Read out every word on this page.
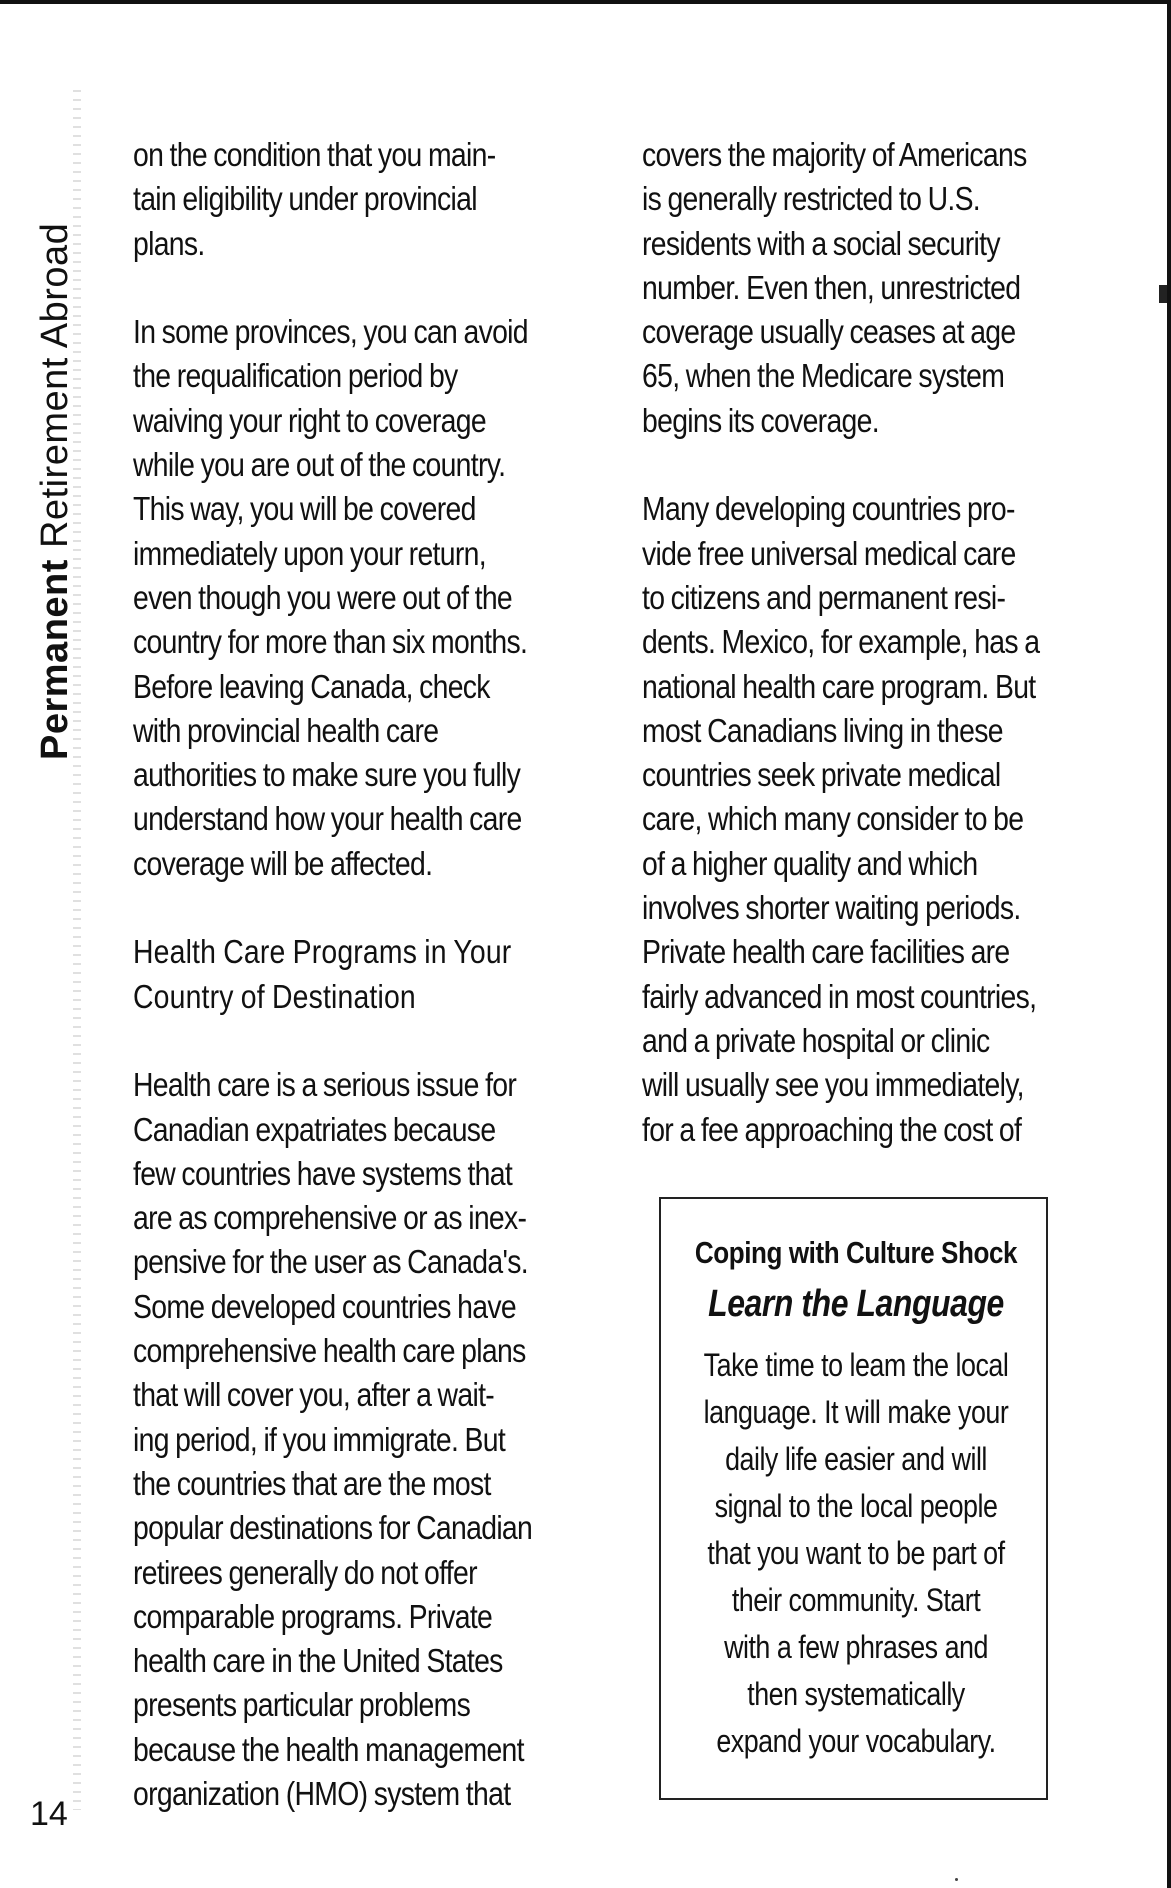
Permanent Retirement Abroad
14

on the condition that you main-
tain eligibility under provincial
plans.

In some provinces, you can avoid
the requalification period by
waiving your right to coverage
while you are out of the country.
This way, you will be covered
immediately upon your return,
even though you were out of the
country for more than six months.
Before leaving Canada, check
with provincial health care
authorities to make sure you fully
understand how your health care
coverage will be affected.

Health Care Programs in Your
Country of Destination

Health care is a serious issue for
Canadian expatriates because
few countries have systems that
are as comprehensive or as inex-
pensive for the user as Canada's.
Some developed countries have
comprehensive health care plans
that will cover you, after a wait-
ing period, if you immigrate. But
the countries that are the most
popular destinations for Canadian
retirees generally do not offer
comparable programs. Private
health care in the United States
presents particular problems
because the health management
organization (HMO) system that

covers the majority of Americans
is generally restricted to U.S.
residents with a social security
number. Even then, unrestricted
coverage usually ceases at age
65, when the Medicare system
begins its coverage.

Many developing countries pro-
vide free universal medical care
to citizens and permanent resi-
dents. Mexico, for example, has a
national health care program. But
most Canadians living in these
countries seek private medical
care, which many consider to be
of a higher quality and which
involves shorter waiting periods.
Private health care facilities are
fairly advanced in most countries,
and a private hospital or clinic
will usually see you immediately,
for a fee approaching the cost of

Coping with Culture Shock
Learn the Language
Take time to leam the local
language. It will make your
daily life easier and will
signal to the local people
that you want to be part of
their community. Start
with a few phrases and
then systematically
expand your vocabulary.
